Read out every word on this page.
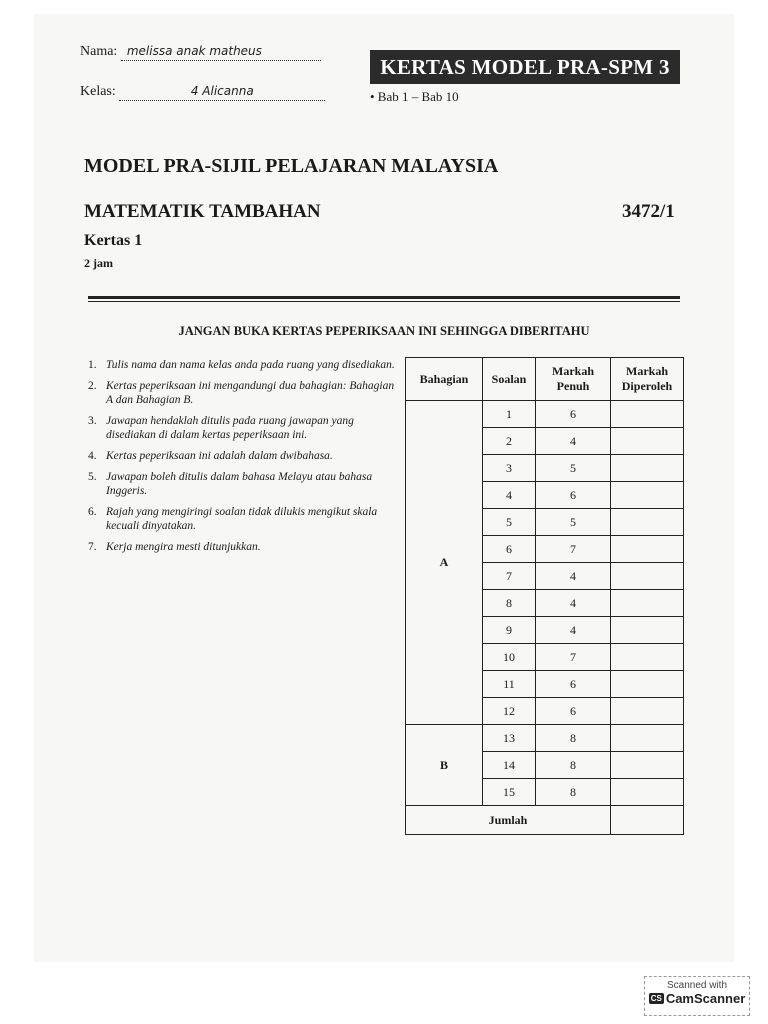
Nama: melissa anak matheus
Kelas:	4 Alicanna
KERTAS MODEL PRA-SPM 3
• Bab 1 – Bab 10
MODEL PRA-SIJIL PELAJARAN MALAYSIA
MATEMATIK TAMBAHAN	3472/1
Kertas 1
2 jam
JANGAN BUKA KERTAS PEPERIKSAAN INI SEHINGGA DIBERITAHU
1. Tulis nama dan nama kelas anda pada ruang yang disediakan.
2. Kertas peperiksaan ini mengandungi dua bahagian: Bahagian A dan Bahagian B.
3. Jawapan hendaklah ditulis pada ruang jawapan yang disediakan di dalam kertas peperiksaan ini.
4. Kertas peperiksaan ini adalah dalam dwibahasa.
5. Jawapan boleh ditulis dalam bahasa Melayu atau bahasa Inggeris.
6. Rajah yang mengiringi soalan tidak dilukis mengikut skala kecuali dinyatakan.
7. Kerja mengira mesti ditunjukkan.
Bahagian	Soalan	Markah Penuh	Markah Diperoleh
A	1	6	
	2	4	
	3	5	
	4	6	
	5	5	
	6	7	
	7	4	
	8	4	
	9	4	
	10	7	
	11	6	
	12	6	
B	13	8	
	14	8	
	15	8	
Jumlah			
Scanned with
CS CamScanner
